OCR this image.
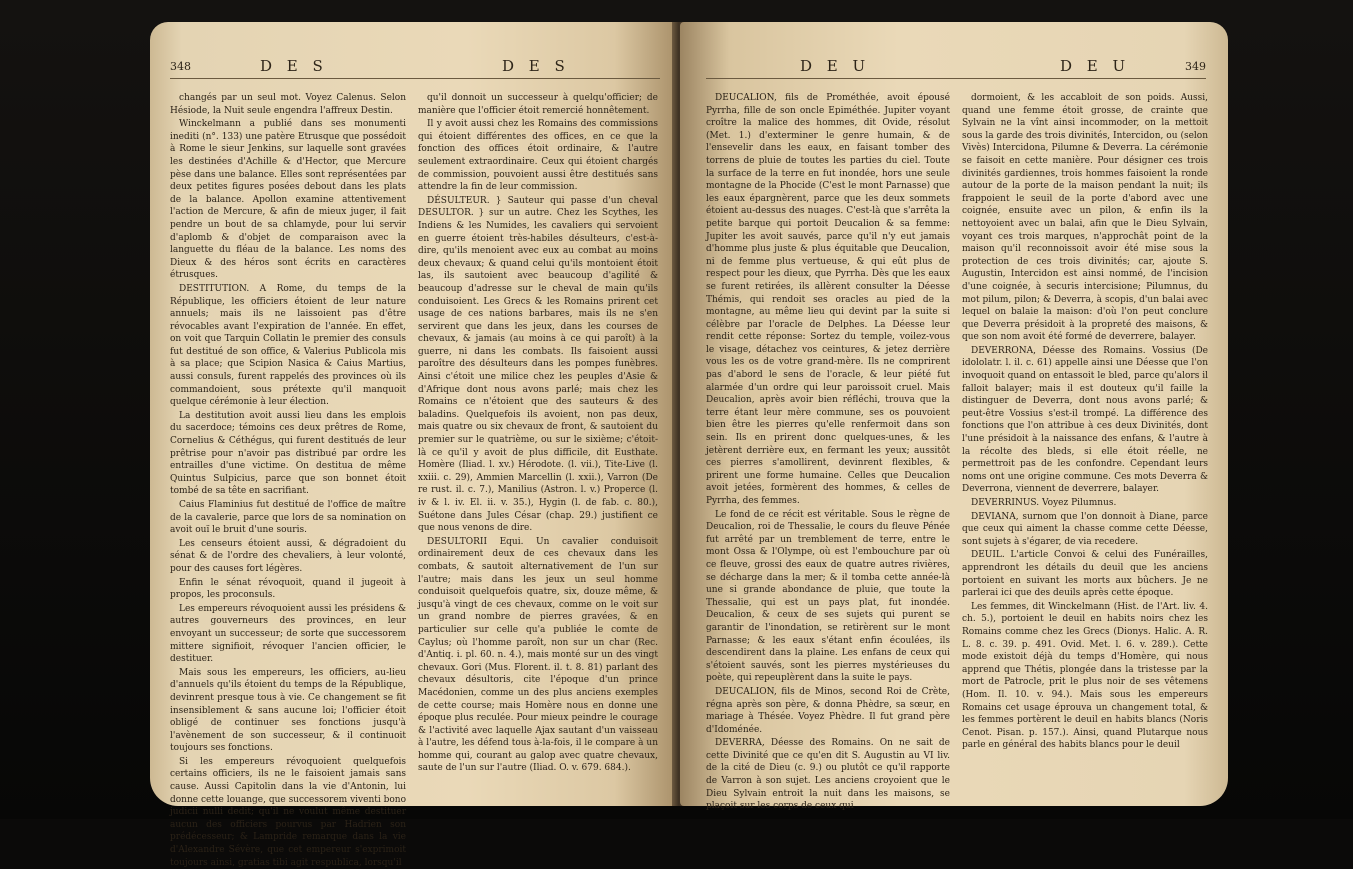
348	D E S	D E S

changés par un seul mot. Voyez Calenus. Selon Hésiode, la Nuit seule engendra l'affreux Destin.

Winckelmann a publié dans ses monumenti inediti (n°. 133) une patère Etrusque que possédoit à Rome le sieur Jenkins, sur laquelle sont gravées les destinées d'Achille & d'Hector, que Mercure pèse dans une balance. Elles sont représentées par deux petites figures posées debout dans les plats de la balance. Apollon examine attentivement l'action de Mercure, & afin de mieux juger, il fait pendre un bout de sa chlamyde, pour lui servir d'aplomb & d'objet de comparaison avec la languette du fléau de la balance. Les noms des Dieux & des héros sont écrits en caractères étrusques.

DESTITUTION. A Rome, du temps de la République, les officiers étoient de leur nature annuels; mais ils ne laissoient pas d'être révocables avant l'expiration de l'année. En effet, on voit que Tarquin Collatin le premier des consuls fut destitué de son office, & Valerius Publicola mis à sa place; que Scipion Nasica & Caius Martius, aussi consuls, furent rappelés des provinces où ils commandoient, sous prétexte qu'il manquoit quelque cérémonie à leur élection.

La destitution avoit aussi lieu dans les emplois du sacerdoce; témoins ces deux prêtres de Rome, Cornelius & Céthégus, qui furent destitués de leur prêtrise pour n'avoir pas distribué par ordre les entrailles d'une victime. On destitua de même Quintus Sulpicius, parce que son bonnet étoit tombé de sa tête en sacrifiant.

Caius Flaminius fut destitué de l'office de maître de la cavalerie, parce que lors de sa nomination on avoit ouï le bruit d'une souris.

Les censeurs étoient aussi, & dégradoient du sénat & de l'ordre des chevaliers, à leur volonté, pour des causes fort légères.

Enfin le sénat révoquoit, quand il jugeoit à propos, les proconsuls.

Les empereurs révoquoient aussi les présidens & autres gouverneurs des provinces, en leur envoyant un successeur; de sorte que successorem mittere signifioit, révoquer l'ancien officier, le destituer.

Mais sous les empereurs, les officiers, au-lieu d'annuels qu'ils étoient du temps de la République, devinrent presque tous à vie. Ce changement se fit insensiblement & sans aucune loi; l'officier étoit obligé de continuer ses fonctions jusqu'à l'avènement de son successeur, & il continuoit toujours ses fonctions.

Si les empereurs révoquoient quelquefois certains officiers, ils ne le faisoient jamais sans cause. Aussi Capitolin dans la vie d'Antonin, lui donne cette louange, que successorem viventi bono judicii nulli dedit; qu'il ne voulut même destituer aucun des officiers pourvus par Hadrien son prédécesseur; & Lampride remarque dans la vie d'Alexandre Sévère, que cet empereur s'exprimoit toujours ainsi, gratias tibi agit respublica, lorsqu'il

qu'il donnoit un successeur à quelqu'officier; de manière que l'officier étoit remercié honnêtement.

Il y avoit aussi chez les Romains des commissions qui étoient différentes des offices, en ce que la fonction des offices étoit ordinaire, & l'autre seulement extraordinaire. Ceux qui étoient chargés de commission, pouvoient aussi être destitués sans attendre la fin de leur commission.

DÉSULTEUR. } Sauteur qui passe d'un cheval DESULTOR. } sur un autre. Chez les Scythes, les Indiens & les Numides, les cavaliers qui servoient en guerre étoient très-habiles désulteurs, c'est-à-dire, qu'ils menoient avec eux au combat au moins deux chevaux; & quand celui qu'ils montoient étoit las, ils sautoient avec beaucoup d'agilité & beaucoup d'adresse sur le cheval de main qu'ils conduisoient. Les Grecs & les Romains prirent cet usage de ces nations barbares, mais ils ne s'en servirent que dans les jeux, dans les courses de chevaux, & jamais (au moins à ce qui paroît) à la guerre, ni dans les combats. Ils faisoient aussi paroître des désulteurs dans les pompes funèbres. Ainsi c'étoit une milice chez les peuples d'Asie & d'Afrique dont nous avons parlé; mais chez les Romains ce n'étoient que des sauteurs & des baladins. Quelquefois ils avoient, non pas deux, mais quatre ou six chevaux de front, & sautoient du premier sur le quatrième, ou sur le sixième; c'étoit-là ce qu'il y avoit de plus difficile, dit Eusthate. Homère (Iliad. l. xv.) Hérodote. (l. vii.), Tite-Live (l. xxiii. c. 29), Ammien Marcellin (l. xxii.), Varron (De re rust. il. c. 7.), Manilius (Astron. l. v.) Properce (l. iv & l. iv. El. ii. v. 35.), Hygin (l. de fab. c. 80.), Suétone dans Jules César (chap. 29.) justifient ce que nous venons de dire.

DESULTORII Equi. Un cavalier conduisoit ordinairement deux de ces chevaux dans les combats, & sautoit alternativement de l'un sur l'autre; mais dans les jeux un seul homme conduisoit quelquefois quatre, six, douze même, & jusqu'à vingt de ces chevaux, comme on le voit sur un grand nombre de pierres gravées, & en particulier sur celle qu'a publiée le comte de Caylus; où l'homme paroît, non sur un char (Rec. d'Antiq. i. pl. 60. n. 4.), mais monté sur un des vingt chevaux. Gori (Mus. Florent. il. t. 8. 81) parlant des chevaux désultoris, cite l'époque d'un prince Macédonien, comme un des plus anciens exemples de cette course; mais Homère nous en donne une époque plus reculée. Pour mieux peindre le courage & l'activité avec laquelle Ajax sautant d'un vaisseau à l'autre, les défend tous à-la-fois, il le compare à un homme qui, courant au galop avec quatre chevaux, saute de l'un sur l'autre (Iliad. O. v. 679. 684.).

D E U	D E U	349

DEUCALION, fils de Prométhée, avoit épousé Pyrrha, fille de son oncle Epiméthée. Jupiter voyant croître la malice des hommes, dit Ovide, résolut (Met. 1.) d'exterminer le genre humain, & de l'ensevelir dans les eaux, en faisant tomber des torrens de pluie de toutes les parties du ciel. Toute la surface de la terre en fut inondée, hors une seule montagne de la Phocide (C'est le mont Parnasse) que les eaux épargnèrent, parce que les deux sommets étoient au-dessus des nuages. C'est-là que s'arrêta la petite barque qui portoit Deucalion & sa femme: Jupiter les avoit sauvés, parce qu'il n'y eut jamais d'homme plus juste & plus équitable que Deucalion, ni de femme plus vertueuse, & qui eût plus de respect pour les dieux, que Pyrrha. Dès que les eaux se furent retirées, ils allèrent consulter la Déesse Thémis, qui rendoit ses oracles au pied de la montagne, au même lieu qui devint par la suite si célèbre par l'oracle de Delphes. La Déesse leur rendit cette réponse: Sortez du temple, voilez-vous le visage, détachez vos ceintures, & jetez derrière vous les os de votre grand-mère. Ils ne comprirent pas d'abord le sens de l'oracle, & leur piété fut alarmée d'un ordre qui leur paroissoit cruel. Mais Deucalion, après avoir bien réfléchi, trouva que la terre étant leur mère commune, ses os pouvoient bien être les pierres qu'elle renfermoit dans son sein. Ils en prirent donc quelques-unes, & les jetèrent derrière eux, en fermant les yeux; aussitôt ces pierres s'amollirent, devinrent flexibles, & prirent une forme humaine. Celles que Deucalion avoit jetées, formèrent des hommes, & celles de Pyrrha, des femmes.

Le fond de ce récit est véritable. Sous le règne de Deucalion, roi de Thessalie, le cours du fleuve Pénée fut arrêté par un tremblement de terre, entre le mont Ossa & l'Olympe, où est l'embouchure par où ce fleuve, grossi des eaux de quatre autres rivières, se décharge dans la mer; & il tomba cette année-là une si grande abondance de pluie, que toute la Thessalie, qui est un pays plat, fut inondée. Deucalion, & ceux de ses sujets qui purent se garantir de l'inondation, se retirèrent sur le mont Parnasse; & les eaux s'étant enfin écoulées, ils descendirent dans la plaine. Les enfans de ceux qui s'étoient sauvés, sont les pierres mystérieuses du poète, qui repeuplèrent dans la suite le pays.

DEUCALION, fils de Minos, second Roi de Crète, régna après son père, & donna Phèdre, sa sœur, en mariage à Thésée. Voyez Phèdre. Il fut grand père d'Idoménée.

DEVERRA, Déesse des Romains. On ne sait de cette Divinité que ce qu'en dit S. Augustin au VI liv. de la cité de Dieu (c. 9.) ou plutôt ce qu'il rapporte de Varron à son sujet. Les anciens croyoient que le Dieu Sylvain entroit la nuit dans les maisons, se plaçoit sur les corps de ceux qui

dormoient, & les accabloit de son poids. Aussi, quand une femme étoit grosse, de crainte que Sylvain ne la vînt ainsi incommoder, on la mettoit sous la garde des trois divinités, Intercidon, ou (selon Vivès) Intercidona, Pilumne & Deverra. La cérémonie se faisoit en cette manière. Pour désigner ces trois divinités gardiennes, trois hommes faisoient la ronde autour de la porte de la maison pendant la nuit; ils frappoient le seuil de la porte d'abord avec une coignée, ensuite avec un pilon, & enfin ils la nettoyoient avec un balai, afin que le Dieu Sylvain, voyant ces trois marques, n'approchât point de la maison qu'il reconnoissoit avoir été mise sous la protection de ces trois divinités; car, ajoute S. Augustin, Intercidon est ainsi nommé, de l'incision d'une coignée, à securis intercisione; Pilumnus, du mot pilum, pilon; & Deverra, à scopis, d'un balai avec lequel on balaie la maison: d'où l'on peut conclure que Deverra présidoit à la propreté des maisons, & que son nom avoit été formé de deverrere, balayer.

DEVERRONA, Déesse des Romains. Vossius (De idololatr. l. il. c. 61) appelle ainsi une Déesse que l'on invoquoit quand on entassoit le bled, parce qu'alors il falloit balayer; mais il est douteux qu'il faille la distinguer de Deverra, dont nous avons parlé; & peut-être Vossius s'est-il trompé. La différence des fonctions que l'on attribue à ces deux Divinités, dont l'une présidoit à la naissance des enfans, & l'autre à la récolte des bleds, si elle étoit réelle, ne permettroit pas de les confondre. Cependant leurs noms ont une origine commune. Ces mots Deverra & Deverrona, viennent de deverrere, balayer.

DEVERRINUS. Voyez Pilumnus.

DEVIANA, surnom que l'on donnoit à Diane, parce que ceux qui aiment la chasse comme cette Déesse, sont sujets à s'égarer, de via recedere.

DEUIL. L'article Convoi & celui des Funérailles, apprendront les détails du deuil que les anciens portoient en suivant les morts aux bûchers. Je ne parlerai ici que des deuils après cette époque.

Les femmes, dit Winckelmann (Hist. de l'Art. liv. 4. ch. 5.), portoient le deuil en habits noirs chez les Romains comme chez les Grecs (Dionys. Halic. A. R. L. 8. c. 39. p. 491. Ovid. Met. l. 6. v. 289.). Cette mode existoit déjà du temps d'Homère, qui nous apprend que Thétis, plongée dans la tristesse par la mort de Patrocle, prit le plus noir de ses vêtemens (Hom. Il. 10. v. 94.). Mais sous les empereurs Romains cet usage éprouva un changement total, & les femmes portèrent le deuil en habits blancs (Noris Cenot. Pisan. p. 157.). Ainsi, quand Plutarque nous parle en général des habits blancs pour le deuil
